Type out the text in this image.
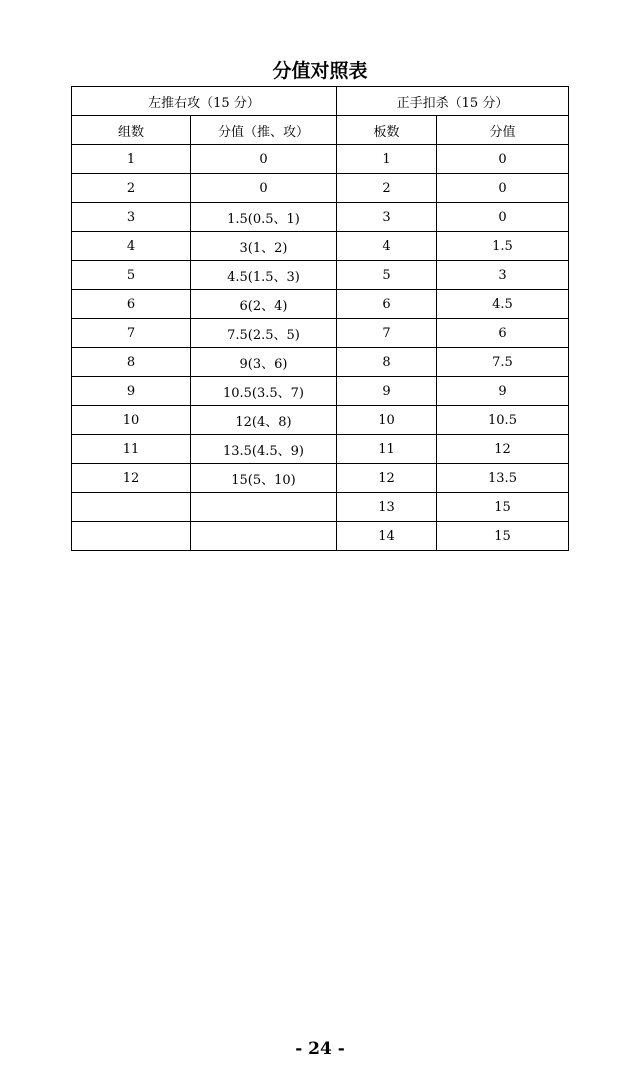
分值对照表
左推右攻（15 分）		正手扣杀（15 分）	
组数	分值（推、攻）	板数	分值
1	0	1	0
2	0	2	0
3	1.5(0.5、1)	3	0
4	3(1、2)	4	1.5
5	4.5(1.5、3)	5	3
6	6(2、4)	6	4.5
7	7.5(2.5、5)	7	6
8	9(3、6)	8	7.5
9	10.5(3.5、7)	9	9
10	12(4、8)	10	10.5
11	13.5(4.5、9)	11	12
12	15(5、10)	12	13.5
		13	15
		14	15
- 24 -
